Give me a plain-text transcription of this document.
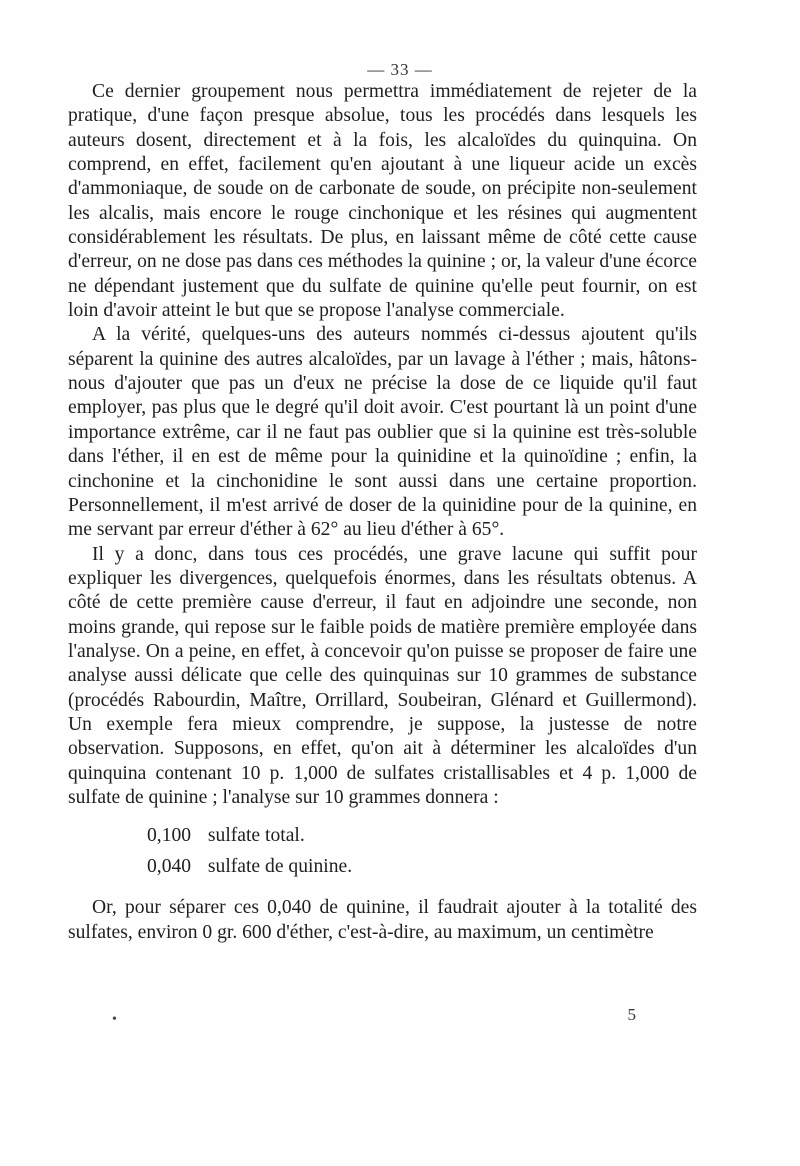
— 33 —

Ce dernier groupement nous permettra immédiatement de rejeter de la pratique, d'une façon presque absolue, tous les procédés dans lesquels les auteurs dosent, directement et à la fois, les alcaloïdes du quinquina. On comprend, en effet, facilement qu'en ajoutant à une liqueur acide un excès d'ammoniaque, de soude on de carbonate de soude, on précipite non-seulement les alcalis, mais encore le rouge cinchonique et les résines qui augmentent considérablement les résultats. De plus, en laissant même de côté cette cause d'erreur, on ne dose pas dans ces méthodes la quinine ; or, la valeur d'une écorce ne dépendant justement que du sulfate de quinine qu'elle peut fournir, on est loin d'avoir atteint le but que se propose l'analyse commerciale.

A la vérité, quelques-uns des auteurs nommés ci-dessus ajoutent qu'ils séparent la quinine des autres alcaloïdes, par un lavage à l'éther ; mais, hâtons-nous d'ajouter que pas un d'eux ne précise la dose de ce liquide qu'il faut employer, pas plus que le degré qu'il doit avoir. C'est pourtant là un point d'une importance extrême, car il ne faut pas oublier que si la quinine est très-soluble dans l'éther, il en est de même pour la quinidine et la quinoïdine ; enfin, la cinchonine et la cinchonidine le sont aussi dans une certaine proportion. Personnellement, il m'est arrivé de doser de la quinidine pour de la quinine, en me servant par erreur d'éther à 62° au lieu d'éther à 65°.

Il y a donc, dans tous ces procédés, une grave lacune qui suffit pour expliquer les divergences, quelquefois énormes, dans les résultats obtenus. A côté de cette première cause d'erreur, il faut en adjoindre une seconde, non moins grande, qui repose sur le faible poids de matière première employée dans l'analyse. On a peine, en effet, à concevoir qu'on puisse se proposer de faire une analyse aussi délicate que celle des quinquinas sur 10 grammes de substance (procédés Rabourdin, Maître, Orrillard, Soubeiran, Glénard et Guillermond). Un exemple fera mieux comprendre, je suppose, la justesse de notre observation. Supposons, en effet, qu'on ait à déterminer les alcaloïdes d'un quinquina contenant 10 p. 1,000 de sulfates cristallisables et 4 p. 1,000 de sulfate de quinine ; l'analyse sur 10 grammes donnera :

0,100 sulfate total.
0,040 sulfate de quinine.

Or, pour séparer ces 0,040 de quinine, il faudrait ajouter à la totalité des sulfates, environ 0 gr. 600 d'éther, c'est-à-dire, au maximum, un centimètre

•	5
